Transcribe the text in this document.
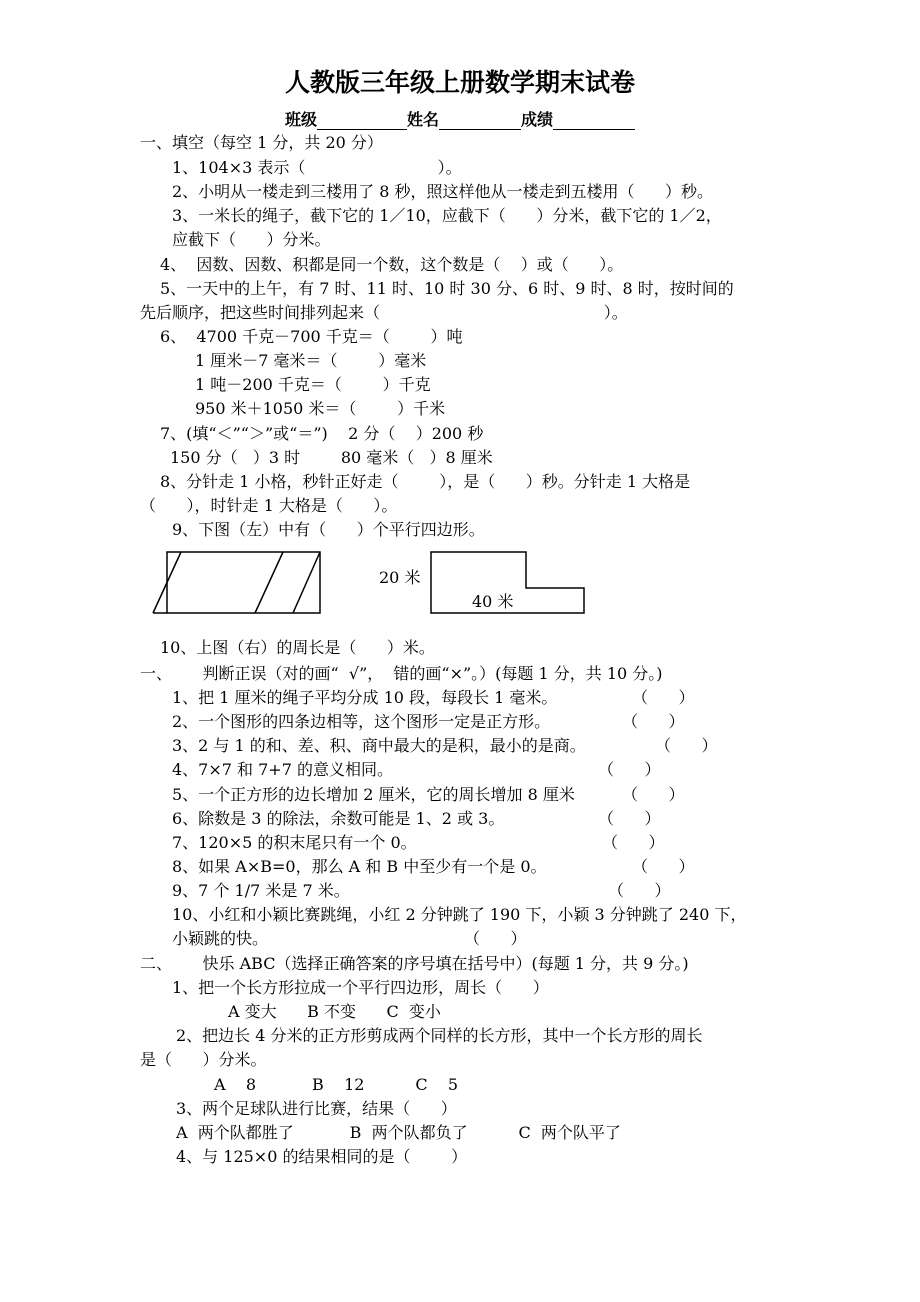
人教版三年级上册数学期末试卷
班级	姓名	成绩
一、填空（每空 1 分，共 20 分）
1、104×3 表示（                          ）。
2、小明从一楼走到三楼用了 8 秒，照这样他从一楼走到五楼用（      ）秒。
3、一米长的绳子，截下它的 1／10，应截下（      ）分米，截下它的 1／2，
应截下（      ）分米。
4、  因数、因数、积都是同一个数，这个数是（    ）或（      ）。
5、一天中的上午，有 7 时、11 时、10 时 30 分、6 时、9 时、8 时，按时间的
先后顺序，把这些时间排列起来（                                            ）。
6、  4700 千克－700 千克＝（        ）吨
1 厘米－7 毫米＝（        ）毫米
1 吨－200 千克＝（        ）千克
950 米＋1050 米＝（        ）千米
7、(填“＜”“＞”或“＝”)    2 分（    ）200 秒
150 分（   ）3 时        80 毫米（   ）8 厘米
8、分针走 1 小格，秒针正好走（        ），是（      ）秒。分针走 1 大格是
（      ），时针走 1 大格是（      ）。
9、下图（左）中有（      ）个平行四边形。
20 米
40 米
10、上图（右）的周长是（      ）米。
一、      判断正误（对的画“  √”，  错的画“×”。）(每题 1 分，共 10 分。)
1、把 1 厘米的绳子平均分成 10 段，每段长 1 毫米。	（      ）
2、一个图形的四条边相等，这个图形一定是正方形。	（      ）
3、2 与 1 的和、差、积、商中最大的是积，最小的是商。	（      ）
4、7×7 和 7+7 的意义相同。	（      ）
5、一个正方形的边长增加 2 厘米，它的周长增加 8 厘米	（      ）
6、除数是 3 的除法，余数可能是 1、2 或 3。	（      ）
7、120×5 的积末尾只有一个 0。	（      ）
8、如果 A×B=0，那么 A 和 B 中至少有一个是 0。	（      ）
9、7 个 1/7 米是 7 米。	（      ）
10、小红和小颖比赛跳绳，小红 2 分钟跳了 190 下，小颖 3 分钟跳了 240 下，
小颖跳的快。	（      ）
二、      快乐 ABC（选择正确答案的序号填在括号中）(每题 1 分，共 9 分。)
1、把一个长方形拉成一个平行四边形，周长（      ）
A 变大      B 不变      C  变小
2、把边长 4 分米的正方形剪成两个同样的长方形，其中一个长方形的周长
是（      ）分米。
A    8           B    12          C    5
3、两个足球队进行比赛，结果（      ）
A  两个队都胜了           B  两个队都负了          C  两个队平了
4、与 125×0 的结果相同的是（        ）
